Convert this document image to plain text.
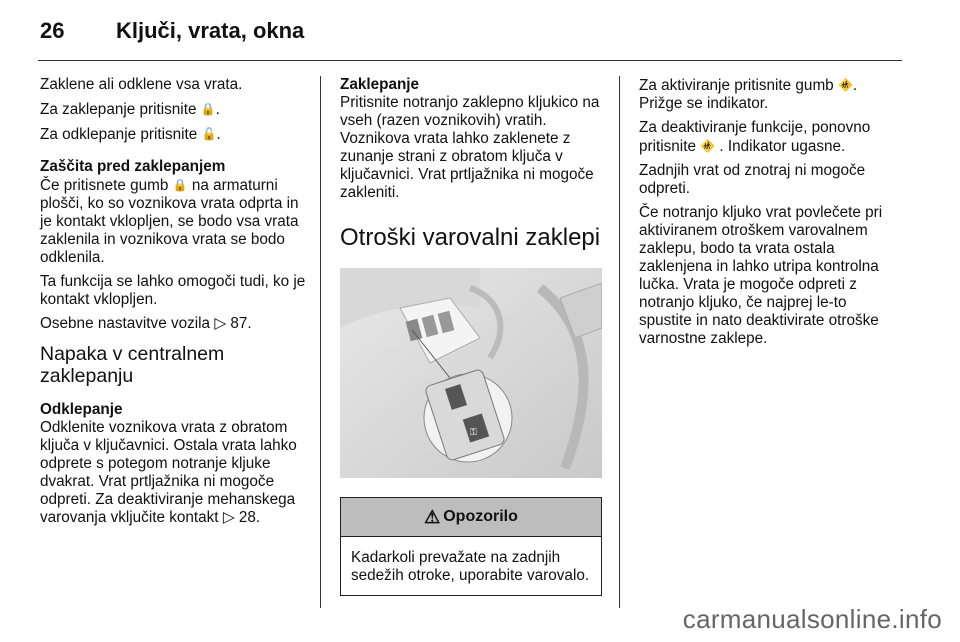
26 Ključi, vrata, okna

Zaklene ali odklene vsa vrata.

Za zaklepanje pritisnite 🔒.

Za odklepanje pritisnite 🔓.

Zaščita pred zaklepanjem
Če pritisnete gumb 🔒 na armaturni plošči, ko so voznikova vrata odprta in je kontakt vklopljen, se bodo vsa vrata zaklenila in voznikova vrata se bodo odklenila.

Ta funkcija se lahko omogoči tudi, ko je kontakt vklopljen.

Osebne nastavitve vozila ▷ 87.

Napaka v centralnem zaklepanju

Odklepanje
Odklenite voznikova vrata z obratom ključa v ključavnici. Ostala vrata lahko odprete s potegom notranje kljuke dvakrat. Vrat prtljažnika ni mogoče odpreti. Za deaktiviranje mehanskega varovanja vključite kontakt ▷ 28.

Zaklepanje
Pritisnite notranjo zaklepno kljukico na vseh (razen voznikovih) vratih. Voznikova vrata lahko zaklenete z zunanje strani z obratom ključa v ključavnici. Vrat prtljažnika ni mogoče zakleniti.

Otroški varovalni zaklepi
⚿
⚠ Opozorilo
Kadarkoli prevažate na zadnjih sedežih otroke, uporabite varovalo.

Za aktiviranje pritisnite gumb 🚸. Prižge se indikator.

Za deaktiviranje funkcije, ponovno pritisnite 🚸 . Indikator ugasne.

Zadnjih vrat od znotraj ni mogoče odpreti.

Če notranjo kljuko vrat povlečete pri aktiviranem otroškem varovalnem zaklepu, bodo ta vrata ostala zaklenjena in lahko utripa kontrolna lučka. Vrata je mogoče odpreti z notranjo kljuko, če najprej le-to spustite in nato deaktivirate otroške varnostne zaklepe.

carmanualsonline.info
